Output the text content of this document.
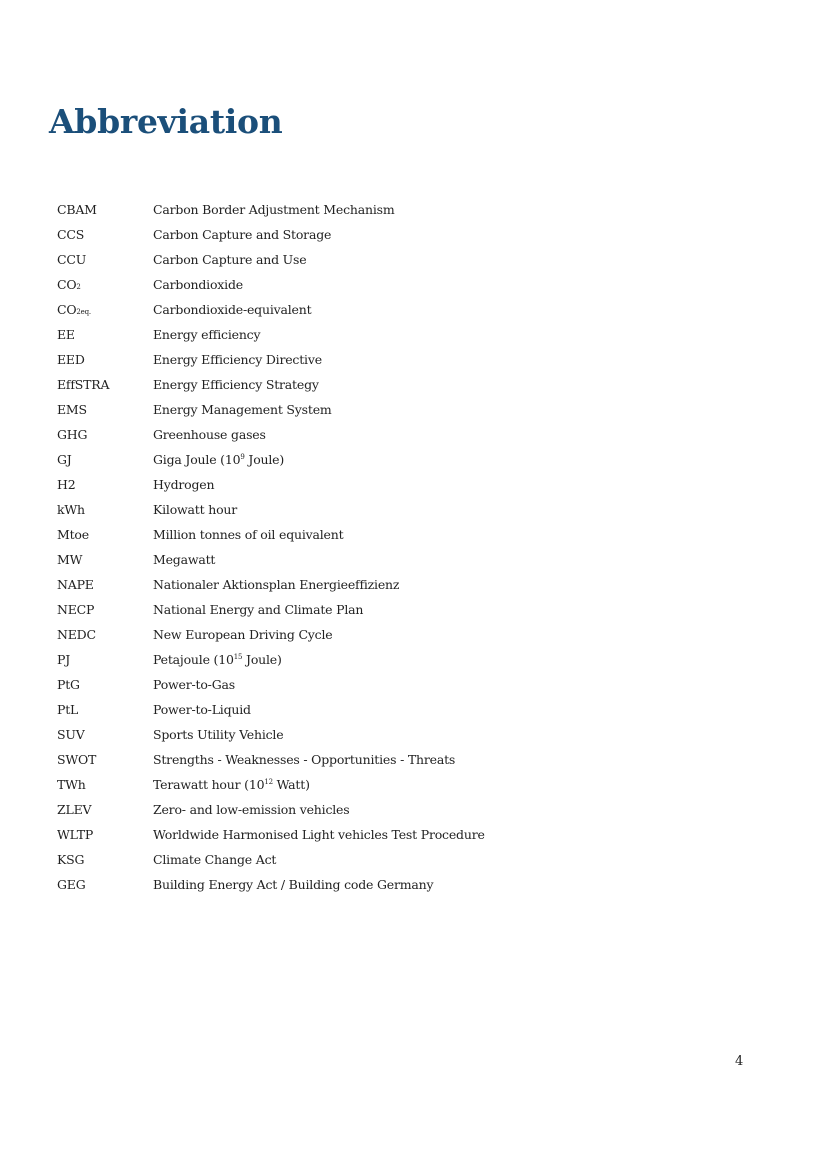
Abbreviation
CBAM	Carbon Border Adjustment Mechanism
CCS	Carbon Capture and Storage
CCU	Carbon Capture and Use
CO2	Carbondioxide
CO2eq.	Carbondioxide-equivalent
EE	Energy efficiency
EED	Energy Efficiency Directive
EffSTRA	Energy Efficiency Strategy
EMS	Energy Management System
GHG	Greenhouse gases
GJ	Giga Joule ($10^9$ Joule)
H2	Hydrogen
kWh	Kilowatt hour
Mtoe	Million tonnes of oil equivalent
MW	Megawatt
NAPE	Nationaler Aktionsplan Energieeffizienz
NECP	National Energy and Climate Plan
NEDC	New European Driving Cycle
PJ	Petajoule ($10^{15}$ Joule)
PtG	Power-to-Gas
PtL	Power-to-Liquid
SUV	Sports Utility Vehicle
SWOT	Strengths - Weaknesses - Opportunities - Threats
TWh	Terawatt hour ($10^{12}$ Watt)
ZLEV	Zero- and low-emission vehicles
WLTP	Worldwide Harmonised Light vehicles Test Procedure
KSG	Climate Change Act
GEG	Building Energy Act / Building code Germany
4
